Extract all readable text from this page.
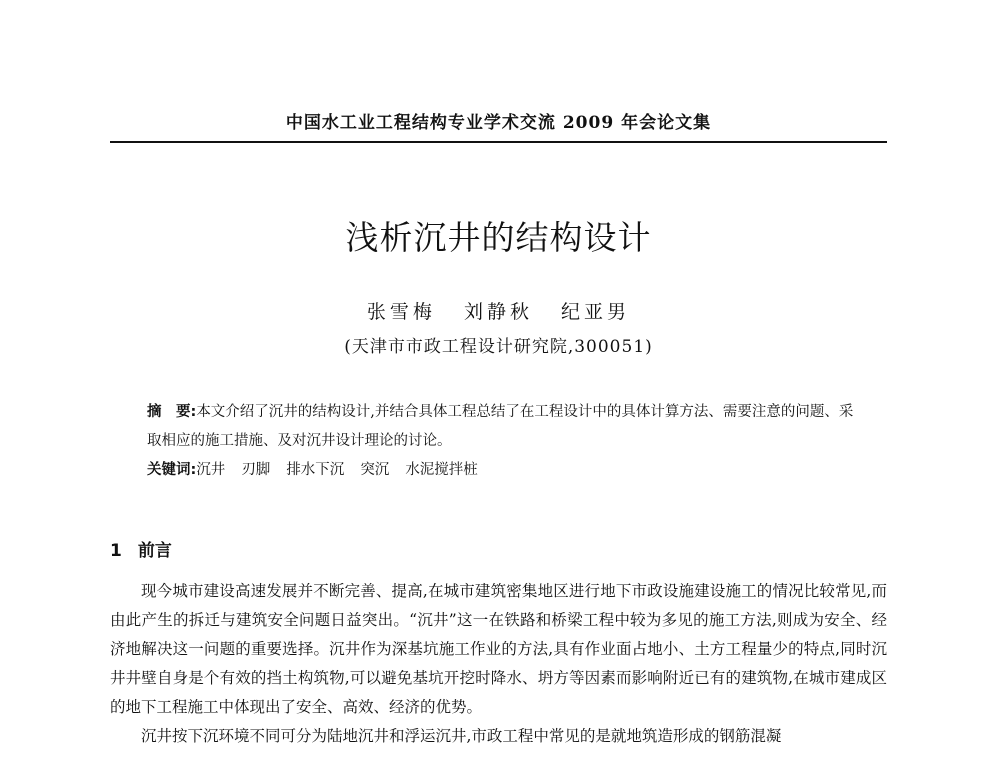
中国水工业工程结构专业学术交流 2009 年会论文集
浅析沉井的结构设计
张雪梅 刘静秋 纪亚男
(天津市市政工程设计研究院,300051)
摘　要:本文介绍了沉井的结构设计,并结合具体工程总结了在工程设计中的具体计算方法、需要注意的问题、采取相应的施工措施、及对沉井设计理论的讨论。
关键词:沉井 刃脚 排水下沉 突沉 水泥搅拌桩
1 前言

现今城市建设高速发展并不断完善、提高,在城市建筑密集地区进行地下市政设施建设施工的情况比较常见,而由此产生的拆迁与建筑安全问题日益突出。“沉井”这一在铁路和桥梁工程中较为多见的施工方法,则成为安全、经济地解决这一问题的重要选择。沉井作为深基坑施工作业的方法,具有作业面占地小、土方工程量少的特点,同时沉井井壁自身是个有效的挡土构筑物,可以避免基坑开挖时降水、坍方等因素而影响附近已有的建筑物,在城市建成区的地下工程施工中体现出了安全、高效、经济的优势。

沉井按下沉环境不同可分为陆地沉井和浮运沉井,市政工程中常见的是就地筑造形成的钢筋混凝
